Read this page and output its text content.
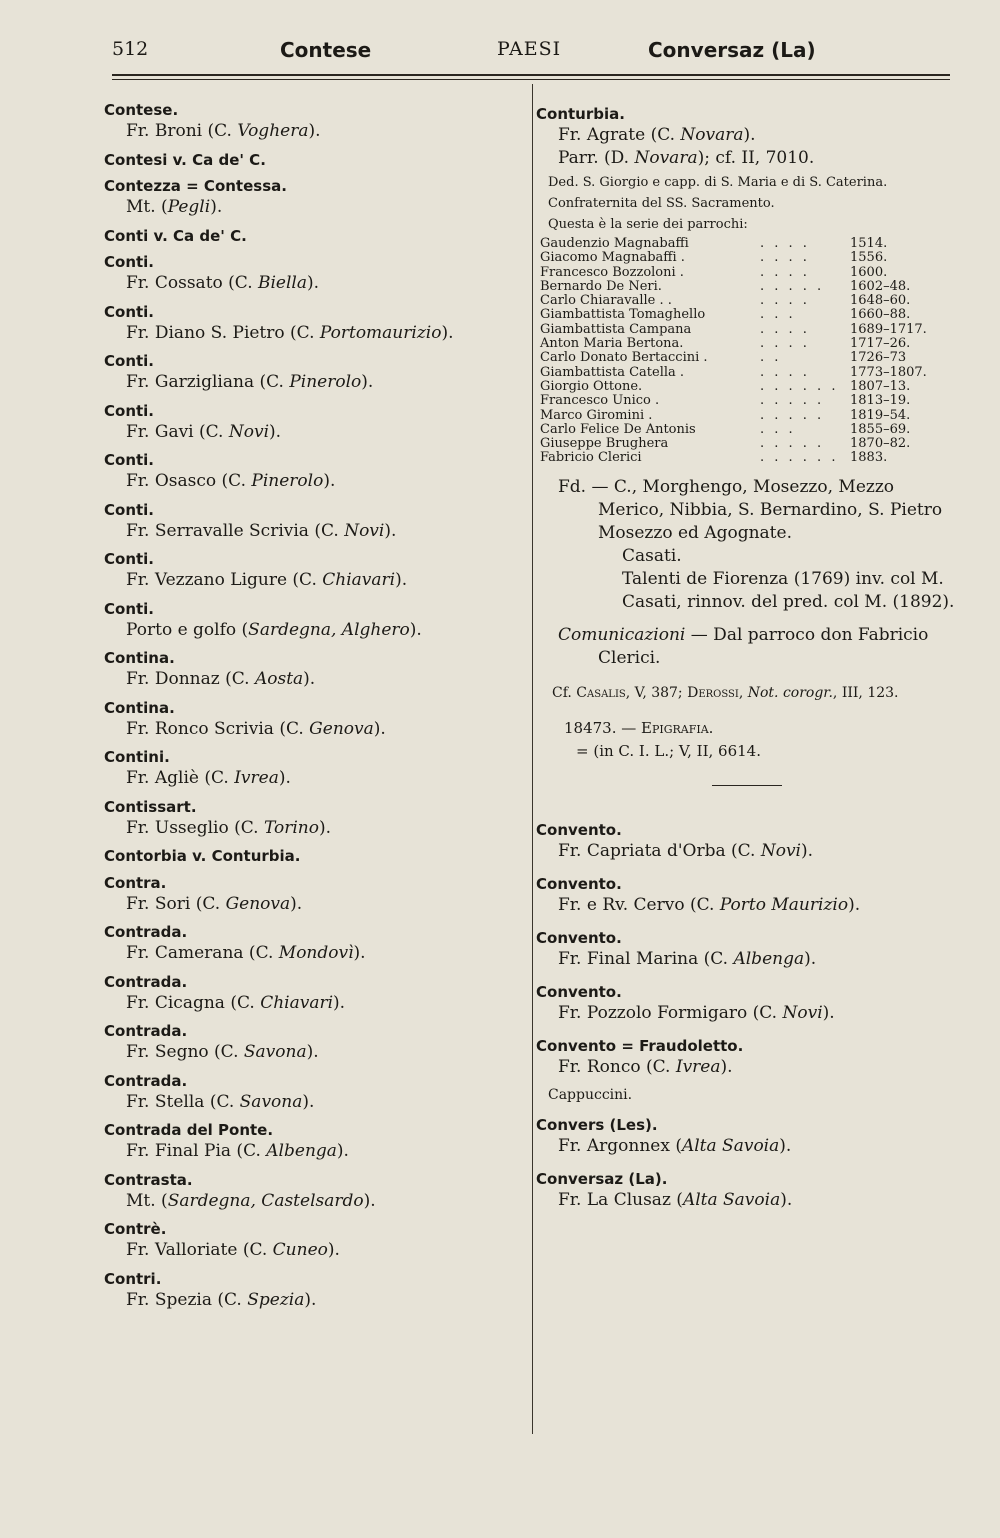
512	Contese	PAESI	Conversaz (La)
Contese.
Fr. Broni (C. Voghera).
Contesi v. Ca de' C.
Contezza = Contessa.
Mt. (Pegli).
Conti v. Ca de' C.
Conti.
Fr. Cossato (C. Biella).
Conti.
Fr. Diano S. Pietro (C. Portomaurizio).
Conti.
Fr. Garzigliana (C. Pinerolo).
Conti.
Fr. Gavi (C. Novi).
Conti.
Fr. Osasco (C. Pinerolo).
Conti.
Fr. Serravalle Scrivia (C. Novi).
Conti.
Fr. Vezzano Ligure (C. Chiavari).
Conti.
Porto e golfo (Sardegna, Alghero).
Contina.
Fr. Donnaz (C. Aosta).
Contina.
Fr. Ronco Scrivia (C. Genova).
Contini.
Fr. Agliè (C. Ivrea).
Contissart.
Fr. Usseglio (C. Torino).
Contorbia v. Conturbia.
Contra.
Fr. Sori (C. Genova).
Contrada.
Fr. Camerana (C. Mondovì).
Contrada.
Fr. Cicagna (C. Chiavari).
Contrada.
Fr. Segno (C. Savona).
Contrada.
Fr. Stella (C. Savona).
Contrada del Ponte.
Fr. Final Pia (C. Albenga).
Contrasta.
Mt. (Sardegna, Castelsardo).
Contrè.
Fr. Valloriate (C. Cuneo).
Contri.
Fr. Spezia (C. Spezia).
Conturbia.
Fr. Agrate (C. Novara).
Parr. (D. Novara); cf. II, 7010.
Ded. S. Giorgio e capp. di S. Maria e di S. Caterina.
Confraternita del SS. Sacramento.
Questa è la serie dei parrochi:
Gaudenzio Magnabaffi	. . . .	1514.
Giacomo Magnabaffi .	. . . .	1556.
Francesco Bozzoloni .	. . . .	1600.
Bernardo De Neri.	. . . . .	1602–48.
Carlo Chiaravalle . .	. . . .	1648–60.
Giambattista Tomaghello	. . .	1660–88.
Giambattista Campana	. . . .	1689–1717.
Anton Maria Bertona.	. . . .	1717–26.
Carlo Donato Bertaccini .	. .	1726–73
Giambattista Catella .	. . . .	1773–1807.
Giorgio Ottone.	. . . . . .	1807–13.
Francesco Unico .	. . . . .	1813–19.
Marco Giromini .	. . . . .	1819–54.
Carlo Felice De Antonis	. . .	1855–69.
Giuseppe Brughera	. . . . .	1870–82.
Fabricio Clerici	. . . . . .	1883.
Fd. — C., Morghengo, Mosezzo, Mezzo Merico, Nibbia, S. Bernardino, S. Pietro Mosezzo ed Agognate.
Casati.
Talenti de Fiorenza (1769) inv. col M.
Casati, rinnov. del pred. col M. (1892).
Comunicazioni — Dal parroco don Fabricio Clerici.
Cf. Casalis, V, 387; Derossi, Not. corogr., III, 123.
18473. — Epigrafia.
= (in C. I. L.; V, II, 6614.
Convento.
Fr. Capriata d'Orba (C. Novi).
Convento.
Fr. e Rv. Cervo (C. Porto Maurizio).
Convento.
Fr. Final Marina (C. Albenga).
Convento.
Fr. Pozzolo Formigaro (C. Novi).
Convento = Fraudoletto.
Fr. Ronco (C. Ivrea).
Cappuccini.
Convers (Les).
Fr. Argonnex (Alta Savoia).
Conversaz (La).
Fr. La Clusaz (Alta Savoia).
